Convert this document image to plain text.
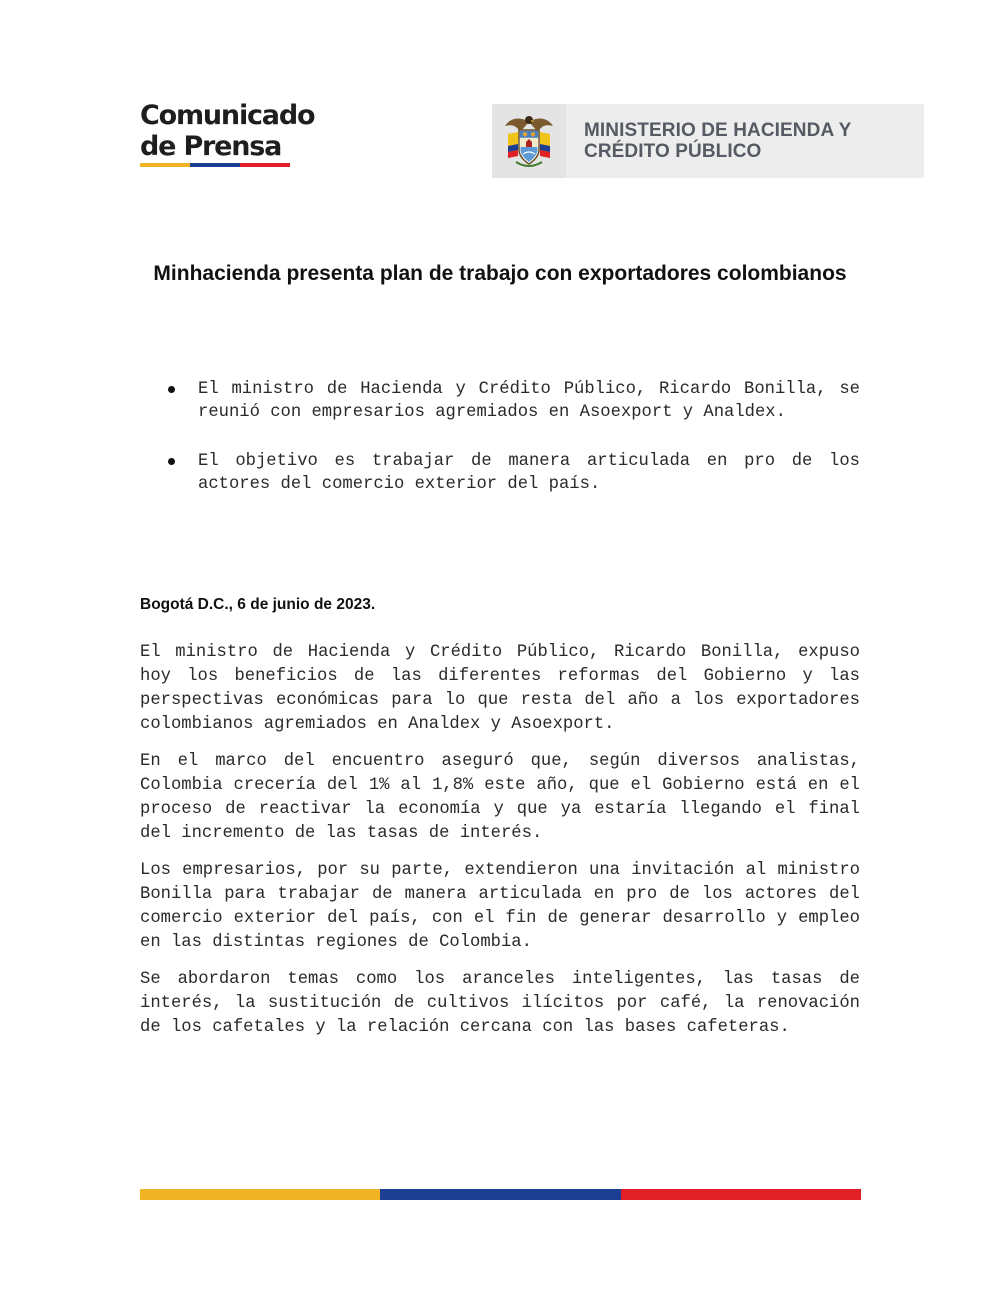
Comunicado
de Prensa
MINISTERIO DE HACIENDA Y
CRÉDITO PÚBLICO
Minhacienda presenta plan de trabajo con exportadores colombianos
El ministro de Hacienda y Crédito Público, Ricardo Bonilla, se reunió con empresarios agremiados en Asoexport y Analdex.
El objetivo es trabajar de manera articulada en pro de los actores del comercio exterior del país.
Bogotá D.C., 6 de junio de 2023.

El ministro de Hacienda y Crédito Público, Ricardo Bonilla, expuso hoy los beneficios de las diferentes reformas del Gobierno y las perspectivas económicas para lo que resta del año a los exportadores colombianos agremiados en Analdex y Asoexport.

En el marco del encuentro aseguró que, según diversos analistas, Colombia crecería del 1% al 1,8% este año, que el Gobierno está en el proceso de reactivar la economía y que ya estaría llegando el final del incremento de las tasas de interés.

Los empresarios, por su parte, extendieron una invitación al ministro Bonilla para trabajar de manera articulada en pro de los actores del comercio exterior del país, con el fin de generar desarrollo y empleo en las distintas regiones de Colombia.

Se abordaron temas como los aranceles inteligentes, las tasas de interés, la sustitución de cultivos ilícitos por café, la renovación de los cafetales y la relación cercana con las bases cafeteras.
